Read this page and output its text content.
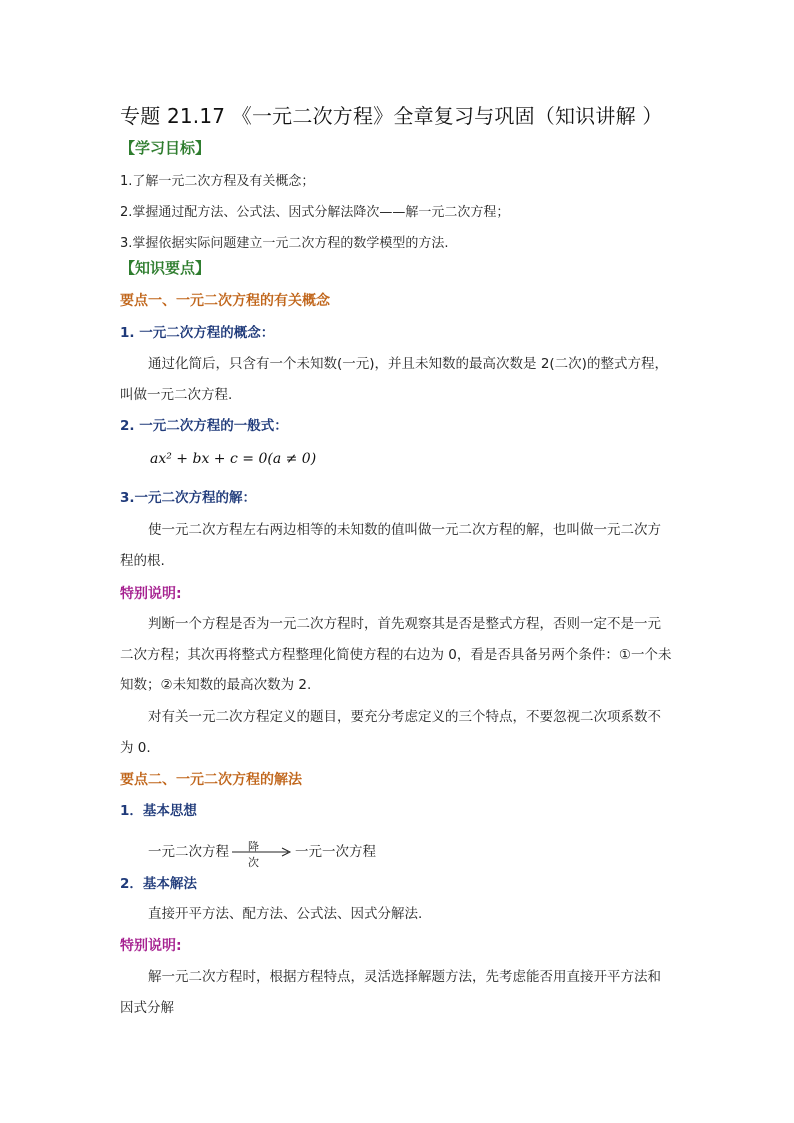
专题 21.17 《一元二次方程》全章复习与巩固（知识讲解 ）
【学习目标】
1.了解一元二次方程及有关概念；
2.掌握通过配方法、公式法、因式分解法降次——解一元二次方程；
3.掌握依据实际问题建立一元二次方程的数学模型的方法.
【知识要点】
要点一、一元二次方程的有关概念
1. 一元二次方程的概念：
通过化简后，只含有一个未知数(一元)，并且未知数的最高次数是 2(二次)的整式方程，
叫做一元二次方程.
2. 一元二次方程的一般式：
ax² + bx + c = 0(a ≠ 0)
3.一元二次方程的解：
使一元二次方程左右两边相等的未知数的值叫做一元二次方程的解，也叫做一元二次方
程的根.
特别说明:
判断一个方程是否为一元二次方程时，首先观察其是否是整式方程，否则一定不是一元
二次方程；其次再将整式方程整理化简使方程的右边为 0，看是否具备另两个条件：①一个未
知数；②未知数的最高次数为 2.
对有关一元二次方程定义的题目，要充分考虑定义的三个特点，不要忽视二次项系数不
为 0.
要点二、一元二次方程的解法
1．基本思想
一元二次方程 降次
一元一次方程
2．基本解法
直接开平方法、配方法、公式法、因式分解法.
特别说明:
解一元二次方程时，根据方程特点，灵活选择解题方法，先考虑能否用直接开平方法和
因式分解
